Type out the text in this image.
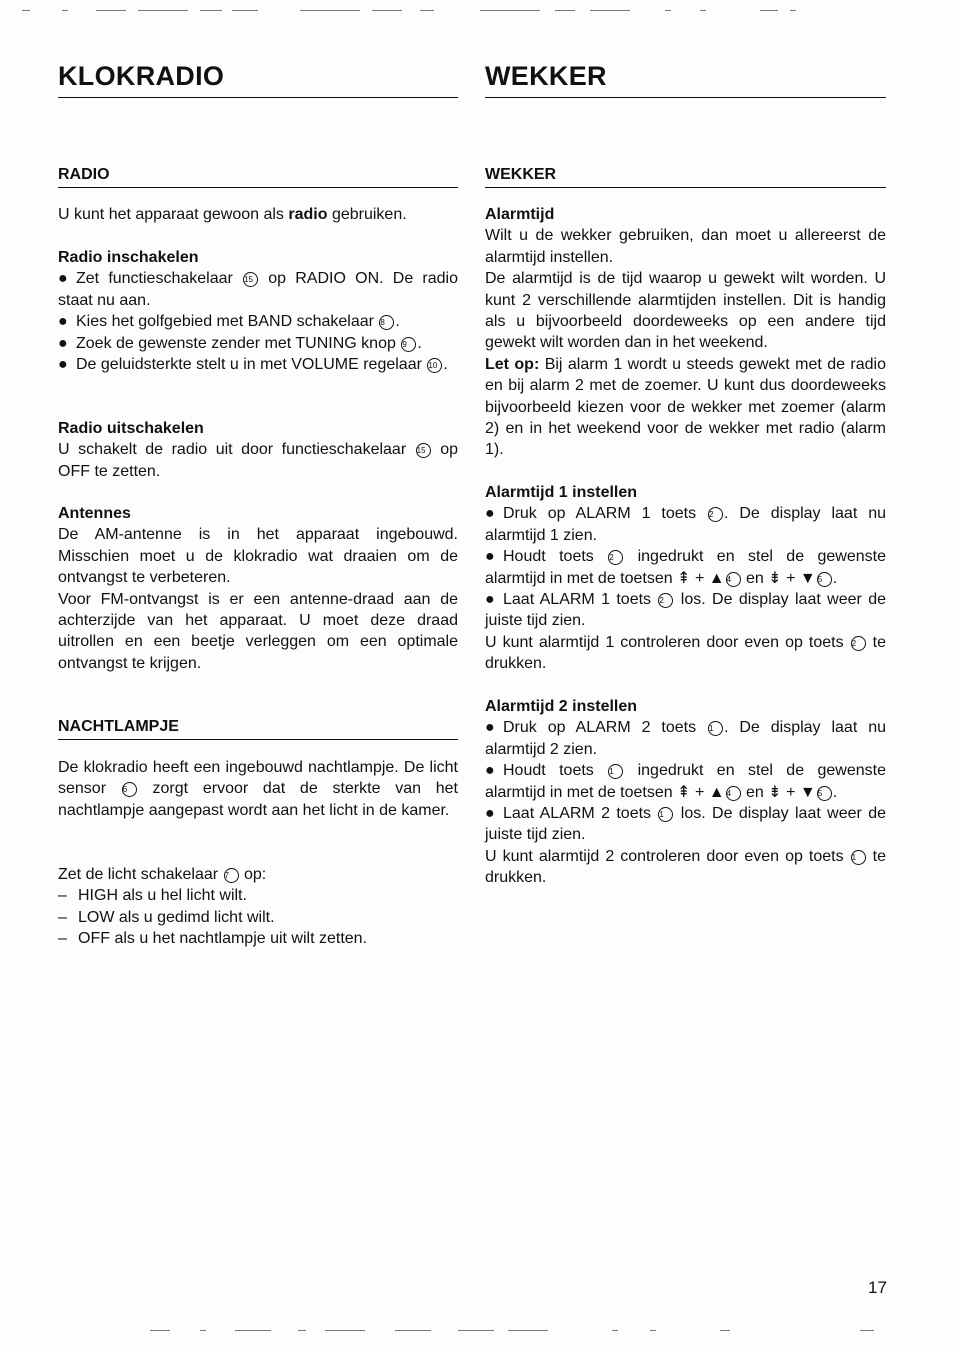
KLOKRADIO	WEKKER
RADIO

U kunt het apparaat gewoon als radio gebruiken.

Radio inschakelen

● Zet functieschakelaar 15 op RADIO ON. De radio staat nu aan.

● Kies het golfgebied met BAND schakelaar 8 .

● Zoek de gewenste zender met TUNING knop 9 .

● De geluidsterkte stelt u in met VOLUME regelaar 10 .

Radio uitschakelen

U schakelt de radio uit door functieschakelaar 15 op OFF te zetten.

Antennes

De AM-antenne is in het apparaat ingebouwd. Misschien moet u de klokradio wat draaien om de ontvangst te verbeteren.

Voor FM-ontvangst is er een antenne-draad aan de achterzijde van het apparaat. U moet deze draad uitrollen en een beetje verleggen om een optimale ontvangst te krijgen.

NACHTLAMPJE

De klokradio heeft een ingebouwd nachtlampje. De licht sensor 6 zorgt ervoor dat de sterkte van het nachtlampje aangepast wordt aan het licht in de kamer.

Zet de licht schakelaar 7 op:

– HIGH als u hel licht wilt.

– LOW als u gedimd licht wilt.

– OFF als u het nachtlampje uit wilt zetten.

WEKKER

Alarmtijd

Wilt u de wekker gebruiken, dan moet u allereerst de alarmtijd instellen.

De alarmtijd is de tijd waarop u gewekt wilt worden. U kunt 2 verschillende alarmtijden instellen. Dit is handig als u bijvoorbeeld doordeweeks op een andere tijd gewekt wilt worden dan in het weekend.

Let op: Bij alarm 1 wordt u steeds gewekt met de radio en bij alarm 2 met de zoemer. U kunt dus doordeweeks bijvoorbeeld kiezen voor de wekker met zoemer (alarm 2) en in het weekend voor de wekker met radio (alarm 1).

Alarmtijd 1 instellen

● Druk op ALARM 1 toets 2 . De display laat nu alarmtijd 1 zien.

● Houdt toets 2 ingedrukt en stel de gewenste alarmtijd in met de toetsen ⇞ + ▲ 4 en ⇟ + ▼ 5 .

● Laat ALARM 1 toets 2 los. De display laat weer de juiste tijd zien.

U kunt alarmtijd 1 controleren door even op toets 2 te drukken.

Alarmtijd 2 instellen

● Druk op ALARM 2 toets 1 . De display laat nu alarmtijd 2 zien.

● Houdt toets 1 ingedrukt en stel de gewenste alarmtijd in met de toetsen ⇞ + ▲ 4 en ⇟ + ▼ 5 .

● Laat ALARM 2 toets 1 los. De display laat weer de juiste tijd zien.

U kunt alarmtijd 2 controleren door even op toets 1 te drukken.

17
